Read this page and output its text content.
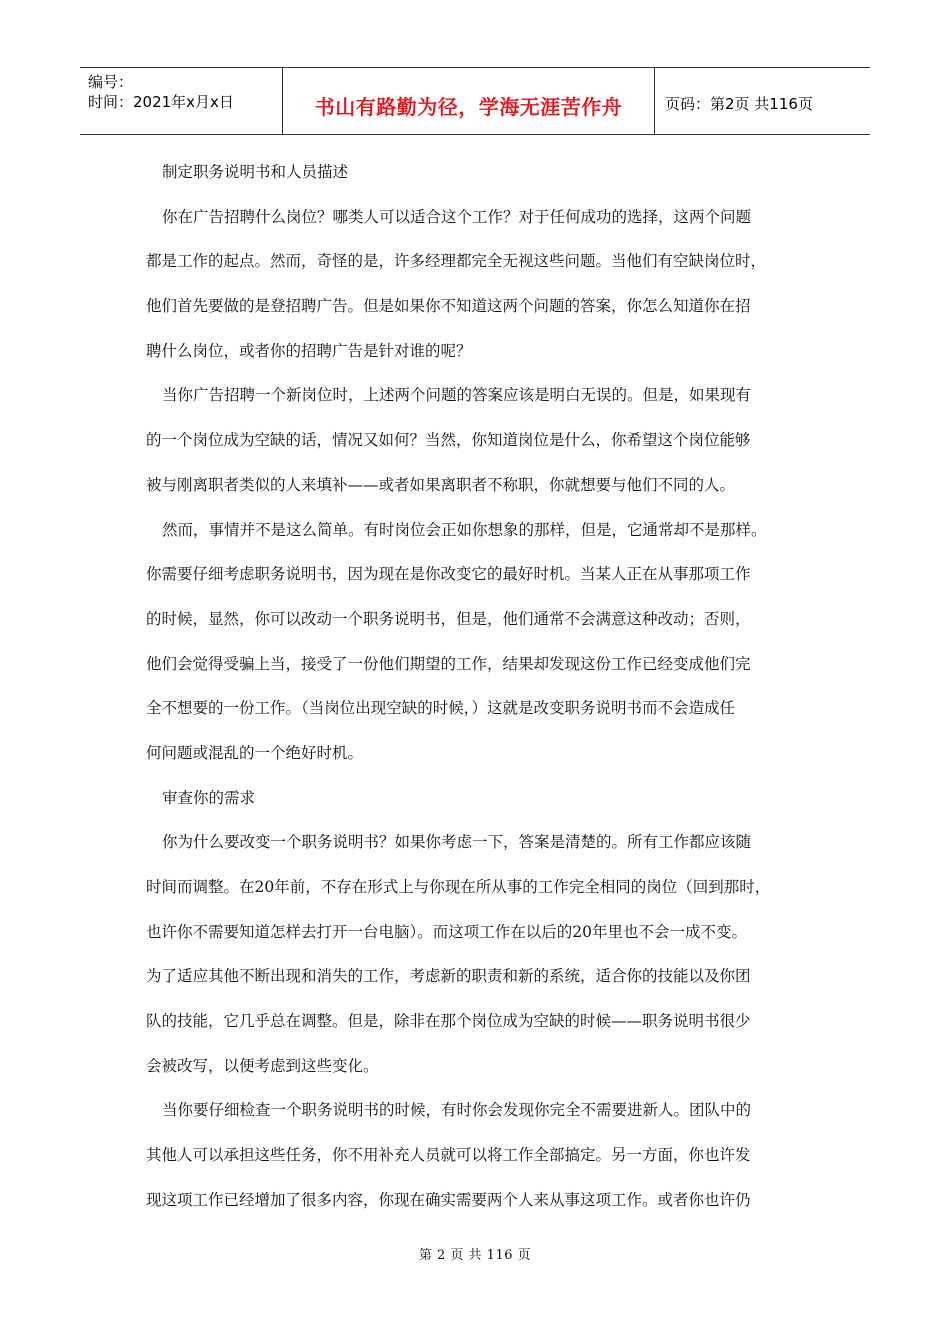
编号：
时间：2021年x月x日	书山有路勤为径，学海无涯苦作舟	页码：第2页 共116页
制定职务说明书和人员描述
你在广告招聘什么岗位？哪类人可以适合这个工作？对于任何成功的选择，这两个问题
都是工作的起点。然而，奇怪的是，许多经理都完全无视这些问题。当他们有空缺岗位时，
他们首先要做的是登招聘广告。但是如果你不知道这两个问题的答案，你怎么知道你在招
聘什么岗位，或者你的招聘广告是针对谁的呢？
当你广告招聘一个新岗位时，上述两个问题的答案应该是明白无误的。但是，如果现有
的一个岗位成为空缺的话，情况又如何？当然，你知道岗位是什么，你希望这个岗位能够
被与刚离职者类似的人来填补——或者如果离职者不称职，你就想要与他们不同的人。
然而，事情并不是这么简单。有时岗位会正如你想象的那样，但是，它通常却不是那样。
你需要仔细考虑职务说明书，因为现在是你改变它的最好时机。当某人正在从事那项工作
的时候，显然，你可以改动一个职务说明书，但是，他们通常不会满意这种改动；否则，
他们会觉得受骗上当，接受了一份他们期望的工作，结果却发现这份工作已经变成他们完
全不想要的一份工作。（当岗位出现空缺的时候，）这就是改变职务说明书而不会造成任
何问题或混乱的一个绝好时机。
审查你的需求
你为什么要改变一个职务说明书？如果你考虑一下，答案是清楚的。所有工作都应该随
时间而调整。在20年前，不存在形式上与你现在所从事的工作完全相同的岗位（回到那时，
也许你不需要知道怎样去打开一台电脑）。而这项工作在以后的20年里也不会一成不变。
为了适应其他不断出现和消失的工作，考虑新的职责和新的系统，适合你的技能以及你团
队的技能，它几乎总在调整。但是，除非在那个岗位成为空缺的时候——职务说明书很少
会被改写，以便考虑到这些变化。
当你要仔细检查一个职务说明书的时候，有时你会发现你完全不需要进新人。团队中的
其他人可以承担这些任务，你不用补充人员就可以将工作全部搞定。另一方面，你也许发
现这项工作已经增加了很多内容，你现在确实需要两个人来从事这项工作。或者你也许仍
第 2 页 共 116 页
